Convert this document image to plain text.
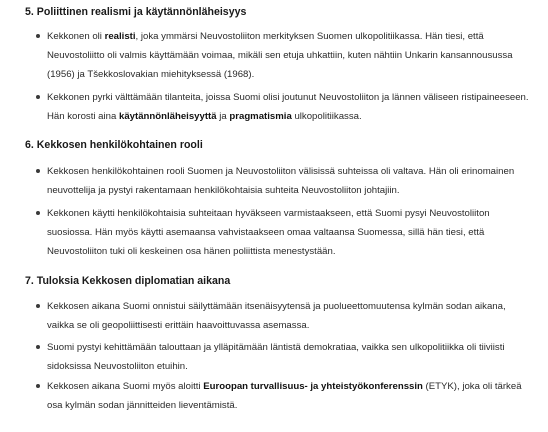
5. Poliittinen realismi ja käytännönläheisyys
Kekkonen oli realisti, joka ymmärsi Neuvostoliiton merkityksen Suomen ulkopolitiikassa. Hän tiesi, että Neuvostoliitto oli valmis käyttämään voimaa, mikäli sen etuja uhkattiin, kuten nähtiin Unkarin kansannousussa (1956) ja Tšekkoslovakian miehityksessä (1968).
Kekkonen pyrki välttämään tilanteita, joissa Suomi olisi joutunut Neuvostoliiton ja lännen väliseen ristipaineeseen. Hän korosti aina käytännönläheisyyttä ja pragmatismia ulkopolitiikassa.
6. Kekkosen henkilökohtainen rooli
Kekkosen henkilökohtainen rooli Suomen ja Neuvostoliiton välisissä suhteissa oli valtava. Hän oli erinomainen neuvottelija ja pystyi rakentamaan henkilökohtaisia suhteita Neuvostoliiton johtajiin.
Kekkonen käytti henkilökohtaisia suhteitaan hyväkseen varmistaakseen, että Suomi pysyi Neuvostoliiton suosiossa. Hän myös käytti asemaansa vahvistaakseen omaa valtaansa Suomessa, sillä hän tiesi, että Neuvostoliiton tuki oli keskeinen osa hänen poliittista menestystään.
7. Tuloksia Kekkosen diplomatian aikana
Kekkosen aikana Suomi onnistui säilyttämään itsenäisyytensä ja puolueettomuutensa kylmän sodan aikana, vaikka se oli geopoliittisesti erittäin haavoittuvassa asemassa.
Suomi pystyi kehittämään talouttaan ja ylläpitämään läntistä demokratiaa, vaikka sen ulkopolitiikka oli tiiviisti sidoksissa Neuvostoliiton etuihin.
Kekkosen aikana Suomi myös aloitti Euroopan turvallisuus- ja yhteistyökonferenssin (ETYK), joka oli tärkeä osa kylmän sodan jännitteiden lieventämistä.
